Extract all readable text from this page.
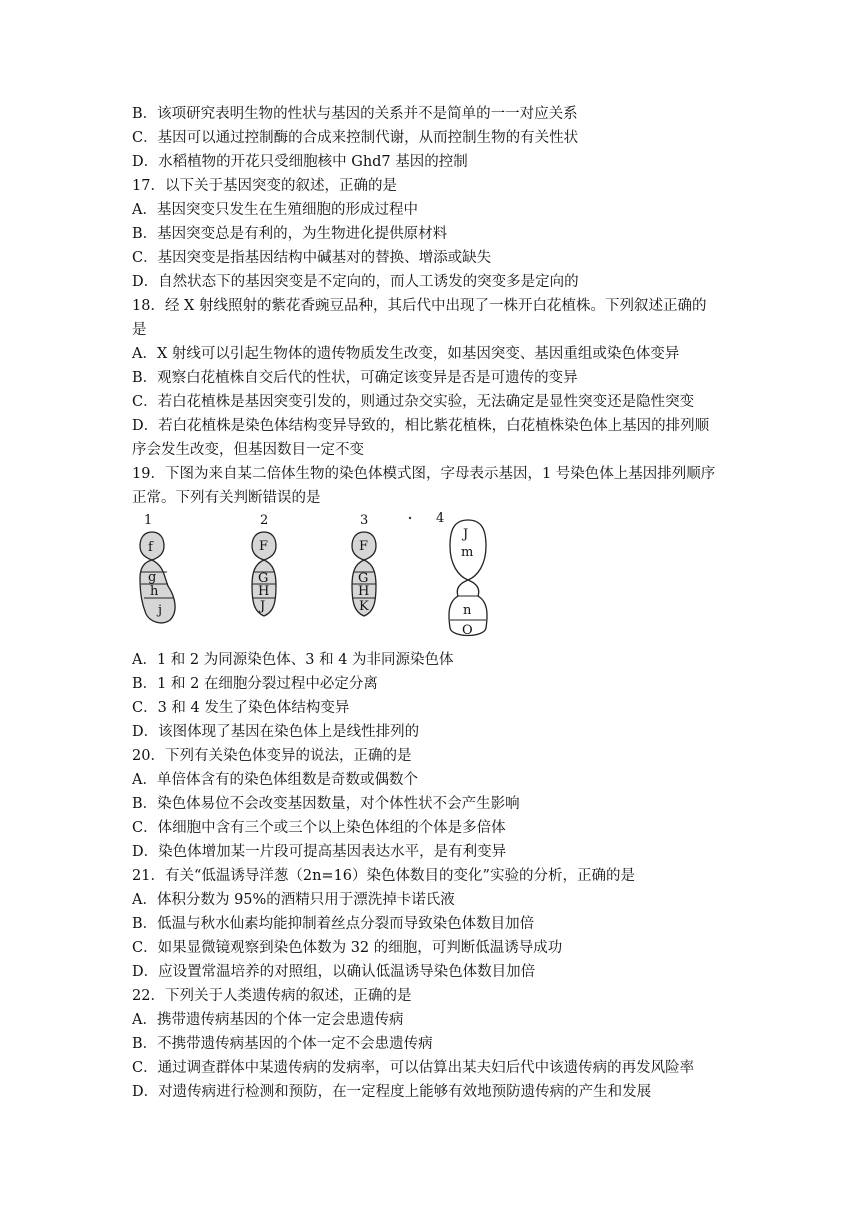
B．该项研究表明生物的性状与基因的关系并不是简单的一一对应关系
C．基因可以通过控制酶的合成来控制代谢，从而控制生物的有关性状
D．水稻植物的开花只受细胞核中 Ghd7 基因的控制
17．以下关于基因突变的叙述，正确的是
A．基因突变只发生在生殖细胞的形成过程中
B．基因突变总是有利的，为生物进化提供原材料
C．基因突变是指基因结构中碱基对的替换、增添或缺失
D．自然状态下的基因突变是不定向的，而人工诱发的突变多是定向的
18．经 X 射线照射的紫花香豌豆品种，其后代中出现了一株开白花植株。下列叙述正确的
是
A．X 射线可以引起生物体的遗传物质发生改变，如基因突变、基因重组或染色体变异
B．观察白花植株自交后代的性状，可确定该变异是否是可遗传的变异
C．若白花植株是基因突变引发的，则通过杂交实验，无法确定是显性突变还是隐性突变
D．若白花植株是染色体结构变异导致的，相比紫花植株，白花植株染色体上基因的排列顺
序会发生改变，但基因数目一定不变
19．下图为来自某二倍体生物的染色体模式图，字母表示基因，1 号染色体上基因排列顺序
正常。下列有关判断错误的是
1
f
g
h
j
2
F
G
H
J
3
F
G
H
K
4
J
m
n
O
A．1 和 2 为同源染色体、3 和 4 为非同源染色体
B．1 和 2 在细胞分裂过程中必定分离
C．3 和 4 发生了染色体结构变异
D．该图体现了基因在染色体上是线性排列的
20．下列有关染色体变异的说法，正确的是
A．单倍体含有的染色体组数是奇数或偶数个
B．染色体易位不会改变基因数量，对个体性状不会产生影响
C．体细胞中含有三个或三个以上染色体组的个体是多倍体
D．染色体增加某一片段可提高基因表达水平，是有利变异
21．有关“低温诱导洋葱（2n=16）染色体数目的变化”实验的分析，正确的是
A．体积分数为 95%的酒精只用于漂洗掉卡诺氏液
B．低温与秋水仙素均能抑制着丝点分裂而导致染色体数目加倍
C．如果显微镜观察到染色体数为 32 的细胞，可判断低温诱导成功
D．应设置常温培养的对照组，以确认低温诱导染色体数目加倍
22．下列关于人类遗传病的叙述，正确的是
A．携带遗传病基因的个体一定会患遗传病
B．不携带遗传病基因的个体一定不会患遗传病
C．通过调查群体中某遗传病的发病率，可以估算出某夫妇后代中该遗传病的再发风险率
D．对遗传病进行检测和预防，在一定程度上能够有效地预防遗传病的产生和发展
